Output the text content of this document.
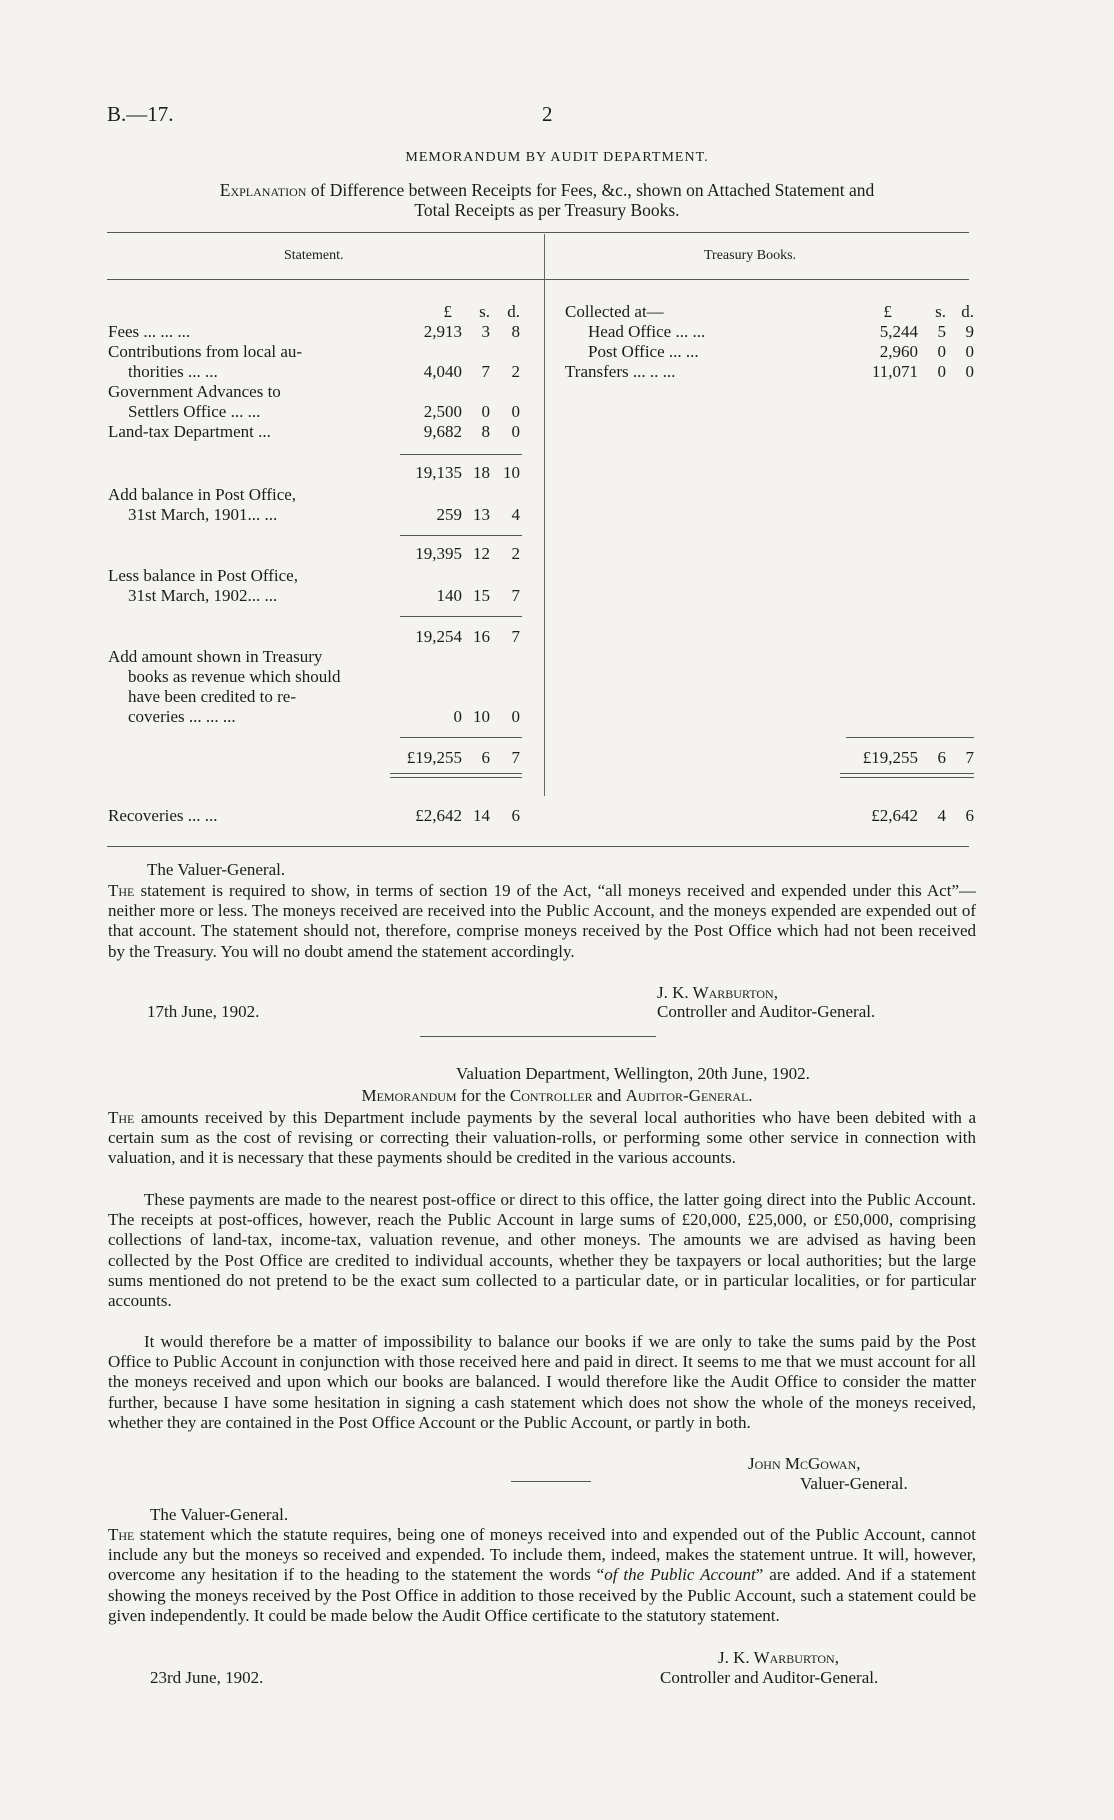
B.—17.	2
MEMORANDUM BY AUDIT DEPARTMENT.
Explanation of Difference between Receipts for Fees, &c., shown on Attached Statement and
Total Receipts as per Treasury Books.
Statement.	Treasury Books.
£	s.	d.
Fees ... ... ...	2,913	3	8
Contributions from local au-
thorities ... ...	4,040	7	2
Government Advances to
Settlers Office ... ...	2,500	0	0
Land-tax Department ...	9,682	8	0
19,135 18 10
Add balance in Post Office,
31st March, 1901... ...	259 13	4
19,395 12	2
Less balance in Post Office,
31st March, 1902... ...	140 15	7
19,254 16	7
Add amount shown in Treasury
books as revenue which should
have been credited to re-
coveries ... ... ...	0 10	0
£19,255	6	7
Recoveries ... ...	£2,642 14	6
Collected at—	£	s. d.
Head Office ... ...	5,244	5	9
Post Office ... ...	2,960	0	0
Transfers ... .. ...	11,071	0	0
£19,255	6	7
£2,642	4	6
The Valuer-General.
The statement is required to show, in terms of section 19 of the Act, “all moneys received and expended under this Act”—neither more or less. The moneys received are received into the Public Account, and the moneys expended are expended out of that account. The statement should not, therefore, comprise moneys received by the Post Office which had not been received by the Treasury. You will no doubt amend the statement accordingly.
J. K. Warburton,
Controller and Auditor-General.
17th June, 1902.
Valuation Department, Wellington, 20th June, 1902.
Memorandum for the Controller and Auditor-General.
The amounts received by this Department include payments by the several local authorities who have been debited with a certain sum as the cost of revising or correcting their valuation-rolls, or performing some other service in connection with valuation, and it is necessary that these payments should be credited in the various accounts.
These payments are made to the nearest post-office or direct to this office, the latter going direct into the Public Account. The receipts at post-offices, however, reach the Public Account in large sums of £20,000, £25,000, or £50,000, comprising collections of land-tax, income-tax, valuation revenue, and other moneys. The amounts we are advised as having been collected by the Post Office are credited to individual accounts, whether they be taxpayers or local authorities; but the large sums mentioned do not pretend to be the exact sum collected to a particular date, or in particular localities, or for particular accounts.
It would therefore be a matter of impossibility to balance our books if we are only to take the sums paid by the Post Office to Public Account in conjunction with those received here and paid in direct. It seems to me that we must account for all the moneys received and upon which our books are balanced. I would therefore like the Audit Office to consider the matter further, because I have some hesitation in signing a cash statement which does not show the whole of the moneys received, whether they are contained in the Post Office Account or the Public Account, or partly in both.
John McGowan,
Valuer-General.
The Valuer-General.
The statement which the statute requires, being one of moneys received into and expended out of the Public Account, cannot include any but the moneys so received and expended. To include them, indeed, makes the statement untrue. It will, however, overcome any hesitation if to the heading to the statement the words “of the Public Account” are added. And if a statement showing the moneys received by the Post Office in addition to those received by the Public Account, such a statement could be given independently. It could be made below the Audit Office certificate to the statutory statement.
J. K. Warburton,
23rd June, 1902.	Controller and Auditor-General.
